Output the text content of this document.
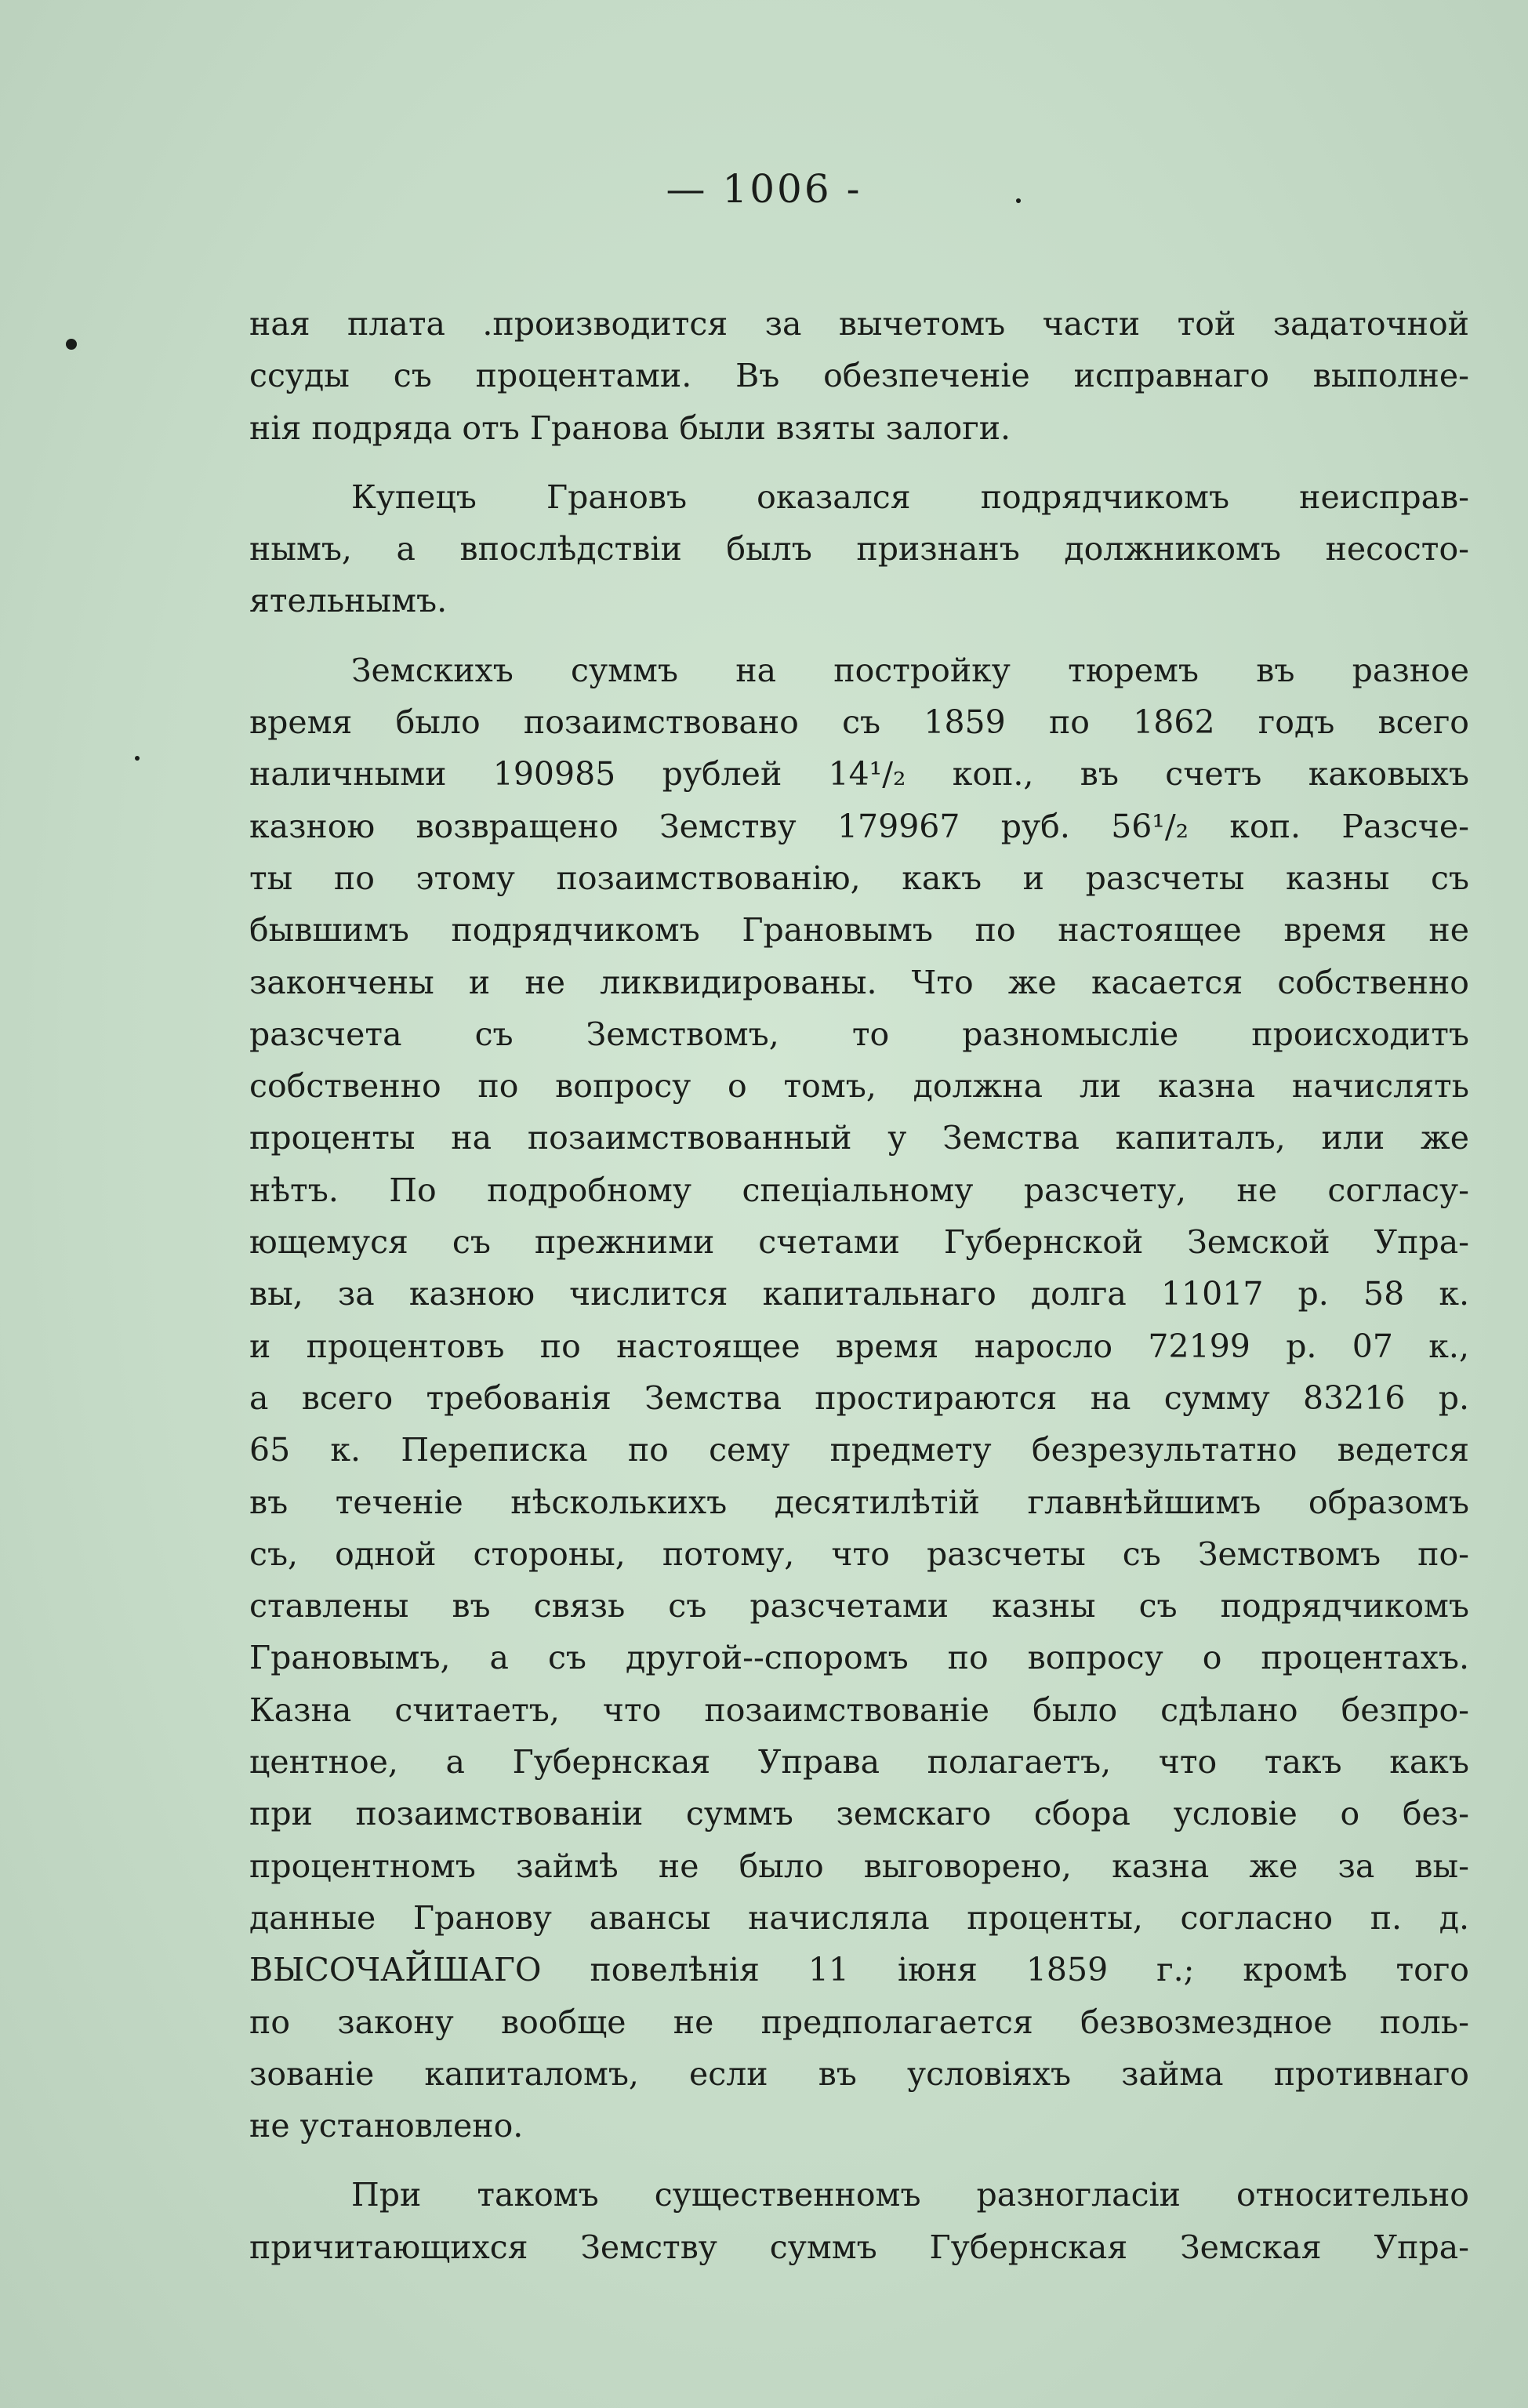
— 1006 -
ная плата .производится за вычетомъ части той задаточной
ссуды съ процентами. Въ обезпеченіе исправнаго выполне-
нія подряда отъ Гранова были взяты залоги.
Купецъ Грановъ оказался подрядчикомъ неисправ-
нымъ, а впослѣдствіи былъ признанъ должникомъ несосто-
ятельнымъ.
Земскихъ суммъ на постройку тюремъ въ разное
время было позаимствовано съ 1859 по 1862 годъ всего
наличными 190985 рублей 14¹/₂ коп., въ счетъ каковыхъ
казною возвращено Земству 179967 руб. 56¹/₂ коп. Разсче-
ты по этому позаимствованію, какъ и разсчеты казны съ
бывшимъ подрядчикомъ Грановымъ по настоящее время не
закончены и не ликвидированы. Что же касается собственно
разсчета съ Земствомъ, то разномысліе происходитъ
собственно по вопросу о томъ, должна ли казна начислять
проценты на позаимствованный у Земства капиталъ, или же
нѣтъ. По подробному спеціальному разсчету, не согласу-
ющемуся съ прежними счетами Губернской Земской Упра-
вы, за казною числится капитальнаго долга 11017 р. 58 к.
и процентовъ по настоящее время наросло 72199 р. 07 к.,
а всего требованія Земства простираются на сумму 83216 р.
65 к. Переписка по сему предмету безрезультатно ведется
въ теченіе нѣсколькихъ десятилѣтій главнѣйшимъ образомъ
съ, одной стороны, потому, что разсчеты съ Земствомъ по-
ставлены въ связь съ разсчетами казны съ подрядчикомъ
Грановымъ, а съ другой--споромъ по вопросу о процентахъ.
Казна считаетъ, что позаимствованіе было сдѣлано безпро-
центное, а Губернская Управа полагаетъ, что такъ какъ
при позаимствованіи суммъ земскаго сбора условіе о без-
процентномъ займѣ не было выговорено, казна же за вы-
данные Гранову авансы начисляла проценты, согласно п. д.
ВЫСОЧАЙШАГО повелѣнія 11 іюня 1859 г.; кромѣ того
по закону вообще не предполагается безвозмездное поль-
зованіе капиталомъ, если въ условіяхъ займа противнаго
не установлено.
При такомъ существенномъ разногласіи относительно
причитающихся Земству суммъ Губернская Земская Упра-
